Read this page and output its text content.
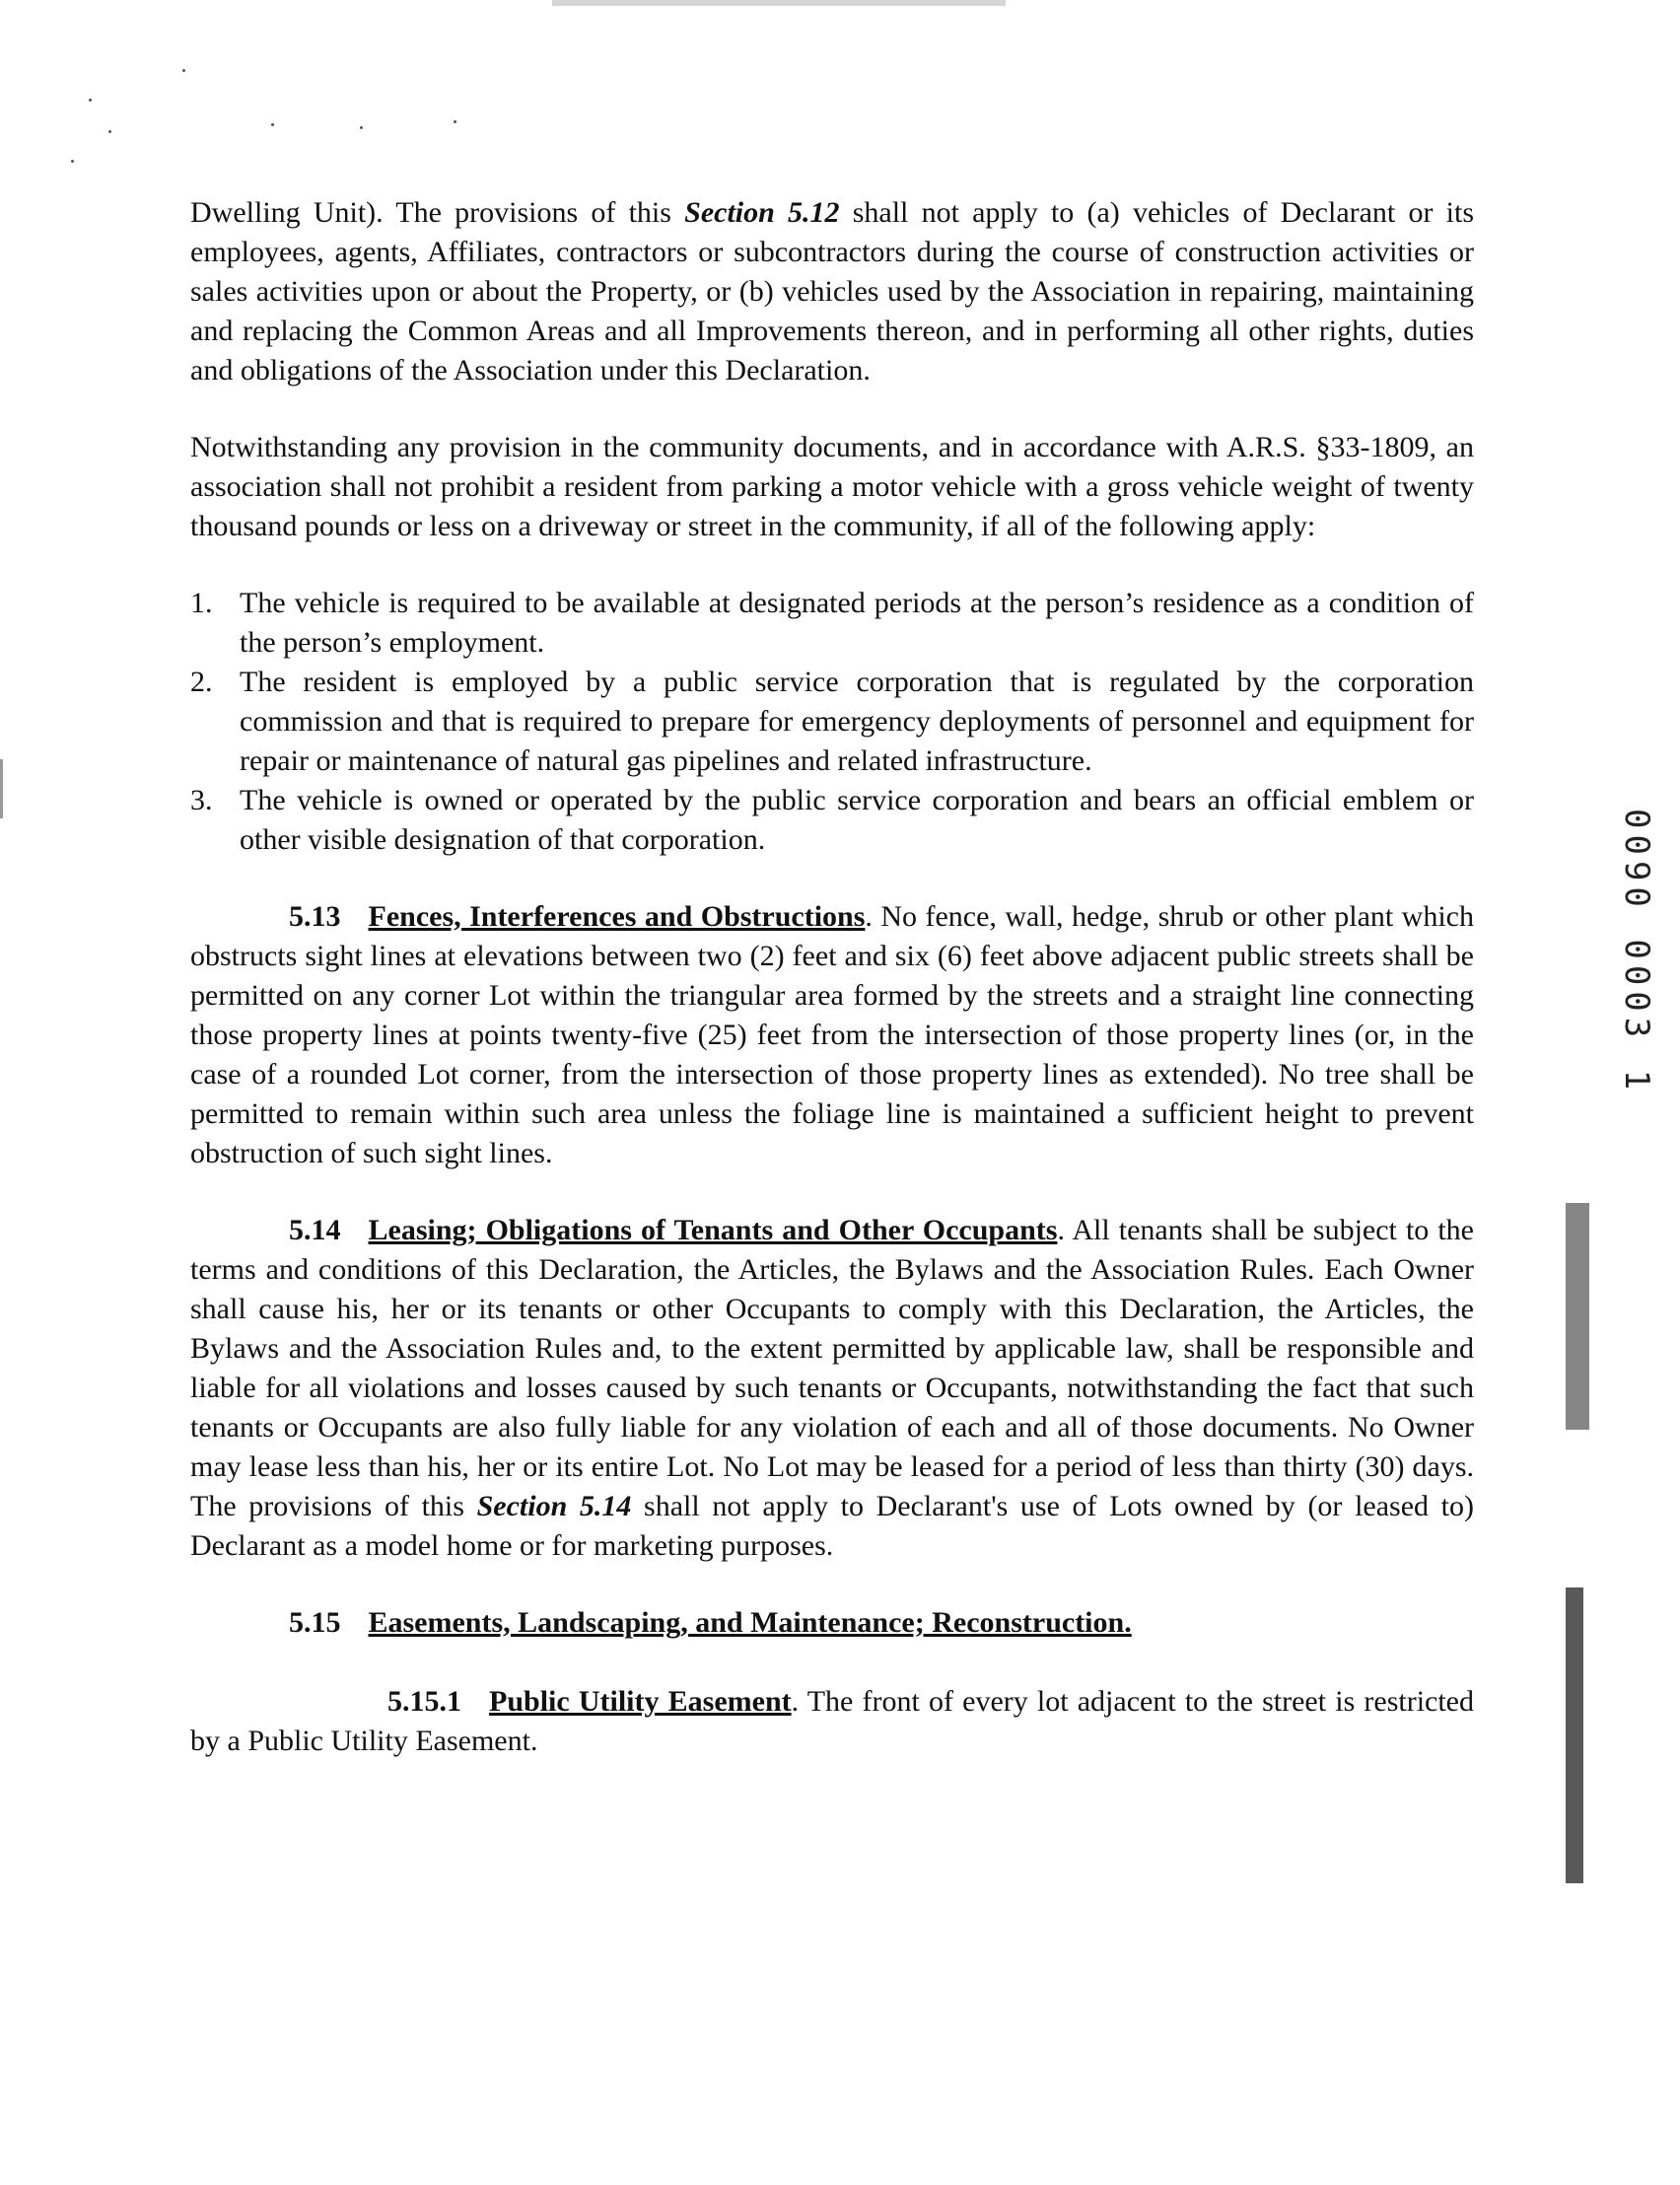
Dwelling Unit). The provisions of this Section 5.12 shall not apply to (a) vehicles of Declarant or its employees, agents, Affiliates, contractors or subcontractors during the course of construction activities or sales activities upon or about the Property, or (b) vehicles used by the Association in repairing, maintaining and replacing the Common Areas and all Improvements thereon, and in performing all other rights, duties and obligations of the Association under this Declaration.

Notwithstanding any provision in the community documents, and in accordance with A.R.S. §33-1809, an association shall not prohibit a resident from parking a motor vehicle with a gross vehicle weight of twenty thousand pounds or less on a driveway or street in the community, if all of the following apply:

1. The vehicle is required to be available at designated periods at the person’s residence as a condition of the person’s employment.
2. The resident is employed by a public service corporation that is regulated by the corporation commission and that is required to prepare for emergency deployments of personnel and equipment for repair or maintenance of natural gas pipelines and related infrastructure.
3. The vehicle is owned or operated by the public service corporation and bears an official emblem or other visible designation of that corporation.

5.13 Fences, Interferences and Obstructions. No fence, wall, hedge, shrub or other plant which obstructs sight lines at elevations between two (2) feet and six (6) feet above adjacent public streets shall be permitted on any corner Lot within the triangular area formed by the streets and a straight line connecting those property lines at points twenty-five (25) feet from the intersection of those property lines (or, in the case of a rounded Lot corner, from the intersection of those property lines as extended). No tree shall be permitted to remain within such area unless the foliage line is maintained a sufficient height to prevent obstruction of such sight lines.

5.14 Leasing; Obligations of Tenants and Other Occupants. All tenants shall be subject to the terms and conditions of this Declaration, the Articles, the Bylaws and the Association Rules. Each Owner shall cause his, her or its tenants or other Occupants to comply with this Declaration, the Articles, the Bylaws and the Association Rules and, to the extent permitted by applicable law, shall be responsible and liable for all violations and losses caused by such tenants or Occupants, notwithstanding the fact that such tenants or Occupants are also fully liable for any violation of each and all of those documents. No Owner may lease less than his, her or its entire Lot. No Lot may be leased for a period of less than thirty (30) days. The provisions of this Section 5.14 shall not apply to Declarant's use of Lots owned by (or leased to) Declarant as a model home or for marketing purposes.

5.15 Easements, Landscaping, and Maintenance; Reconstruction.

5.15.1 Public Utility Easement. The front of every lot adjacent to the street is restricted by a Public Utility Easement.

0090 0003 1
